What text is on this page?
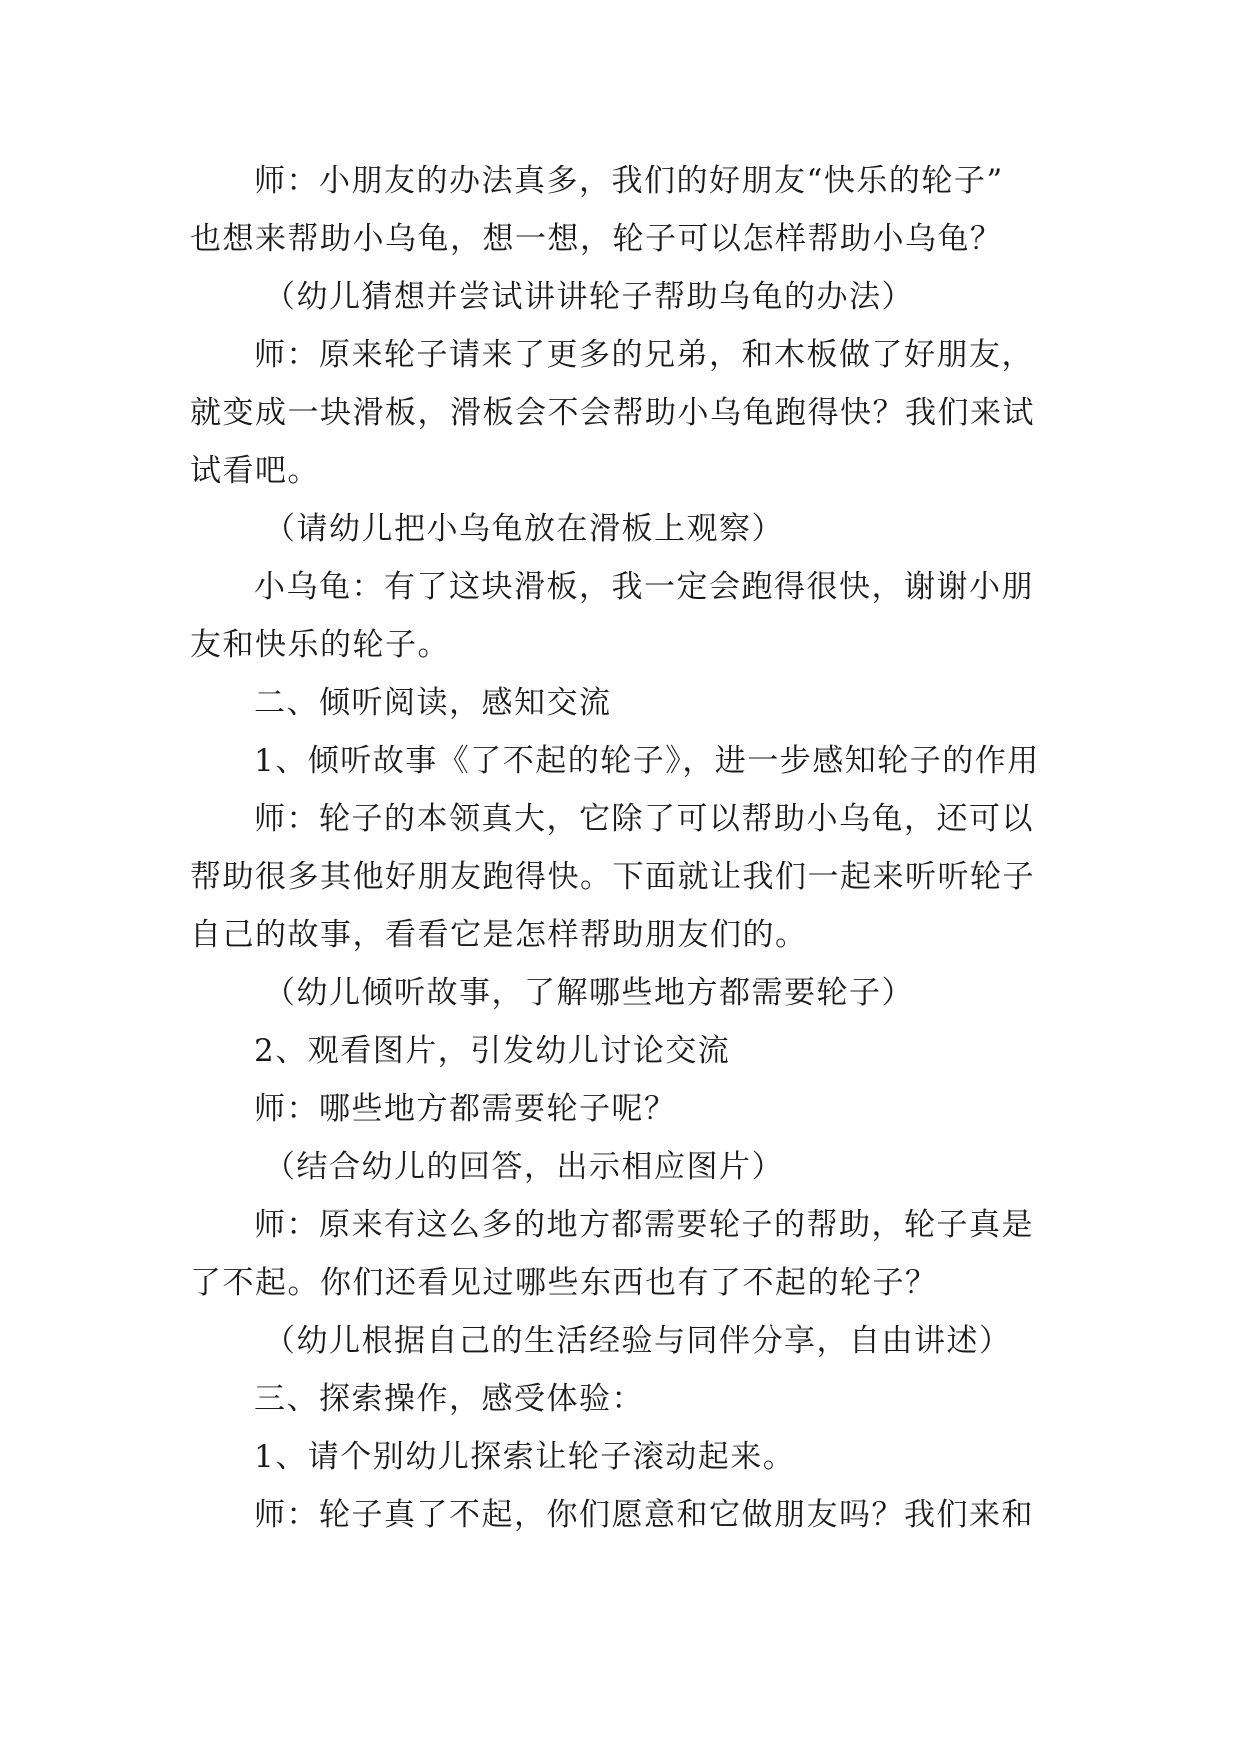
师：小朋友的办法真多，我们的好朋友“快乐的轮子”
也想来帮助小乌龟，想一想，轮子可以怎样帮助小乌龟？
（幼儿猜想并尝试讲讲轮子帮助乌龟的办法）
师：原来轮子请来了更多的兄弟，和木板做了好朋友，
就变成一块滑板，滑板会不会帮助小乌龟跑得快？我们来试
试看吧。
（请幼儿把小乌龟放在滑板上观察）
小乌龟：有了这块滑板，我一定会跑得很快，谢谢小朋
友和快乐的轮子。
二、倾听阅读，感知交流
1、倾听故事《了不起的轮子》，进一步感知轮子的作用
师：轮子的本领真大，它除了可以帮助小乌龟，还可以
帮助很多其他好朋友跑得快。下面就让我们一起来听听轮子
自己的故事，看看它是怎样帮助朋友们的。
（幼儿倾听故事，了解哪些地方都需要轮子）
2、观看图片，引发幼儿讨论交流
师：哪些地方都需要轮子呢？
（结合幼儿的回答，出示相应图片）
师：原来有这么多的地方都需要轮子的帮助，轮子真是
了不起。你们还看见过哪些东西也有了不起的轮子？
（幼儿根据自己的生活经验与同伴分享，自由讲述）
三、探索操作，感受体验：
1、请个别幼儿探索让轮子滚动起来。
师：轮子真了不起，你们愿意和它做朋友吗？我们来和
